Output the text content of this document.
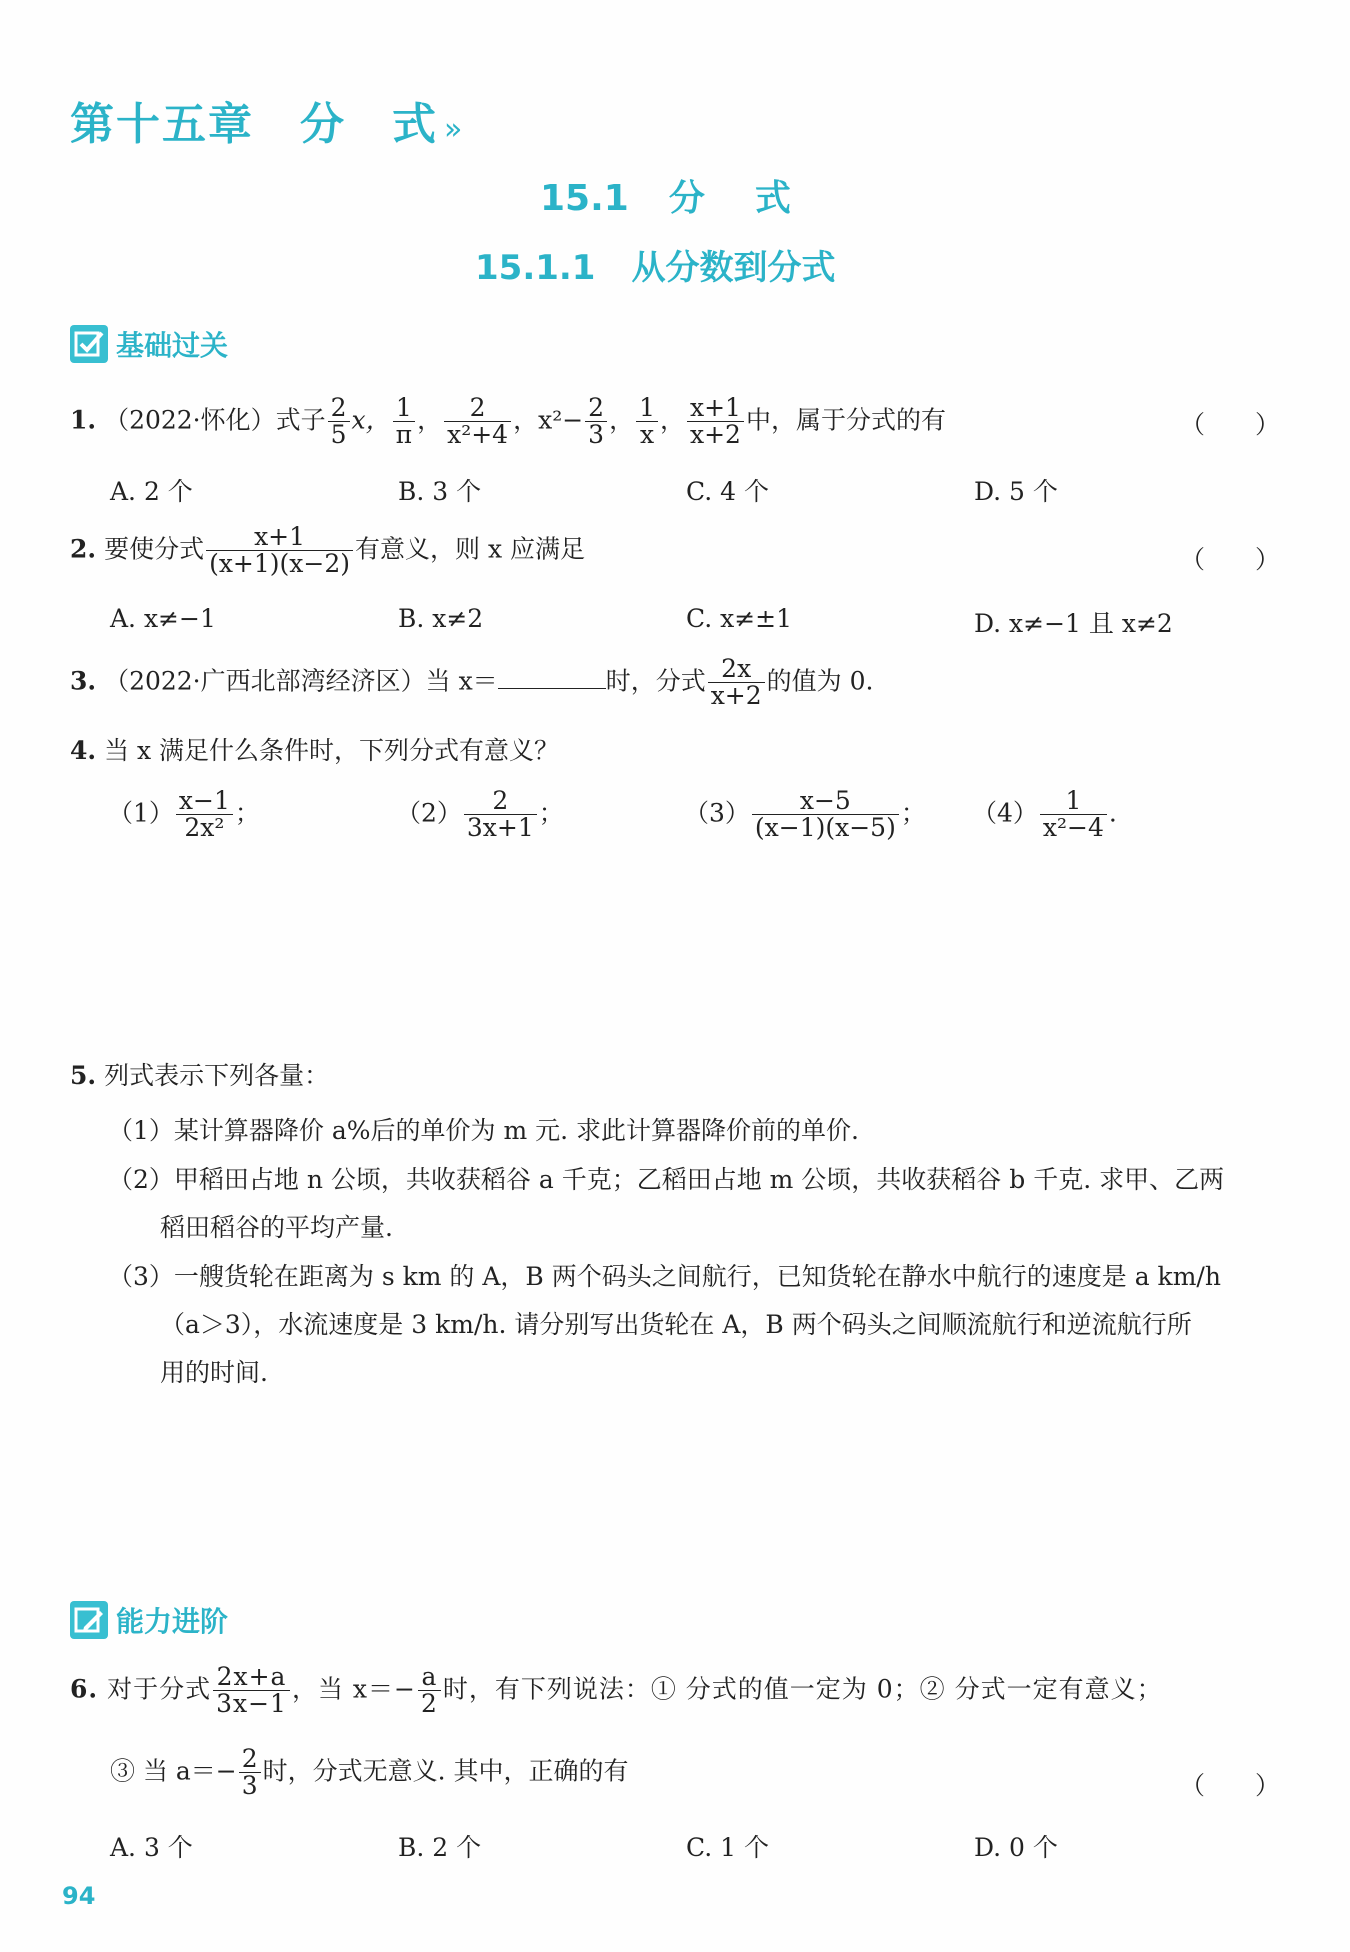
第十五章 分 式 »
15.1 分 式
15.1.1 从分数到分式
基础过关
1. （2022·怀化）式子 $\frac{2}{5}$ x， $\frac{1}{\pi}$ ， $\frac{2}{\text{x²+4}}$ ，$x^2- \frac{2}{3}$ ， $\frac{1}{x}$ ， $\frac{x+1}{x+2}$ 中，属于分式的有	（　　）
A. 2 个	B. 3 个	C. 4 个	D. 5 个
2. 要使分式 $\frac{x+1}{(x+1)(x-2)}$ 有意义，则 x 应满足	（　　）
A. x≠−1	B. x≠2	C. x≠±1	D. x≠−1 且 x≠2
3. （2022·广西北部湾经济区）当 x＝	时，分式 $\frac{2x}{x+2}$ 的值为 0.
4. 当 x 满足什么条件时，下列分式有意义？
$(1) \frac{x-1}{\text{2x²}}$ ；	$(2) \frac{2}{3x+1}$ ；	$(3) \frac{x-5}{(x-1)(x-5)}$ ； $(4) \frac{1}{\text{x²−4}}$ .
5. 列式表示下列各量：
（1）某计算器降价 a%后的单价为 m 元. 求此计算器降价前的单价.
（2）甲稻田占地 n 公顷，共收获稻谷 a 千克；乙稻田占地 m 公顷，共收获稻谷 b 千克. 求甲、乙两
稻田稻谷的平均产量.
（3）一艘货轮在距离为 s km 的 A，B 两个码头之间航行，已知货轮在静水中航行的速度是 a km/h
（a＞3），水流速度是 3 km/h. 请分别写出货轮在 A，B 两个码头之间顺流航行和逆流航行所
用的时间.
能力进阶
6. 对于分式 $\frac{2x+a}{3x-1}$ ，当 $x=- \frac{a}{2}$ 时，有下列说法：① 分式的值一定为 0；② 分式一定有意义；
③ 当 $a=- \frac{2}{3}$ 时，分式无意义. 其中，正确的有
（　　）
A. 3 个	B. 2 个	C. 1 个	D. 0 个
94
